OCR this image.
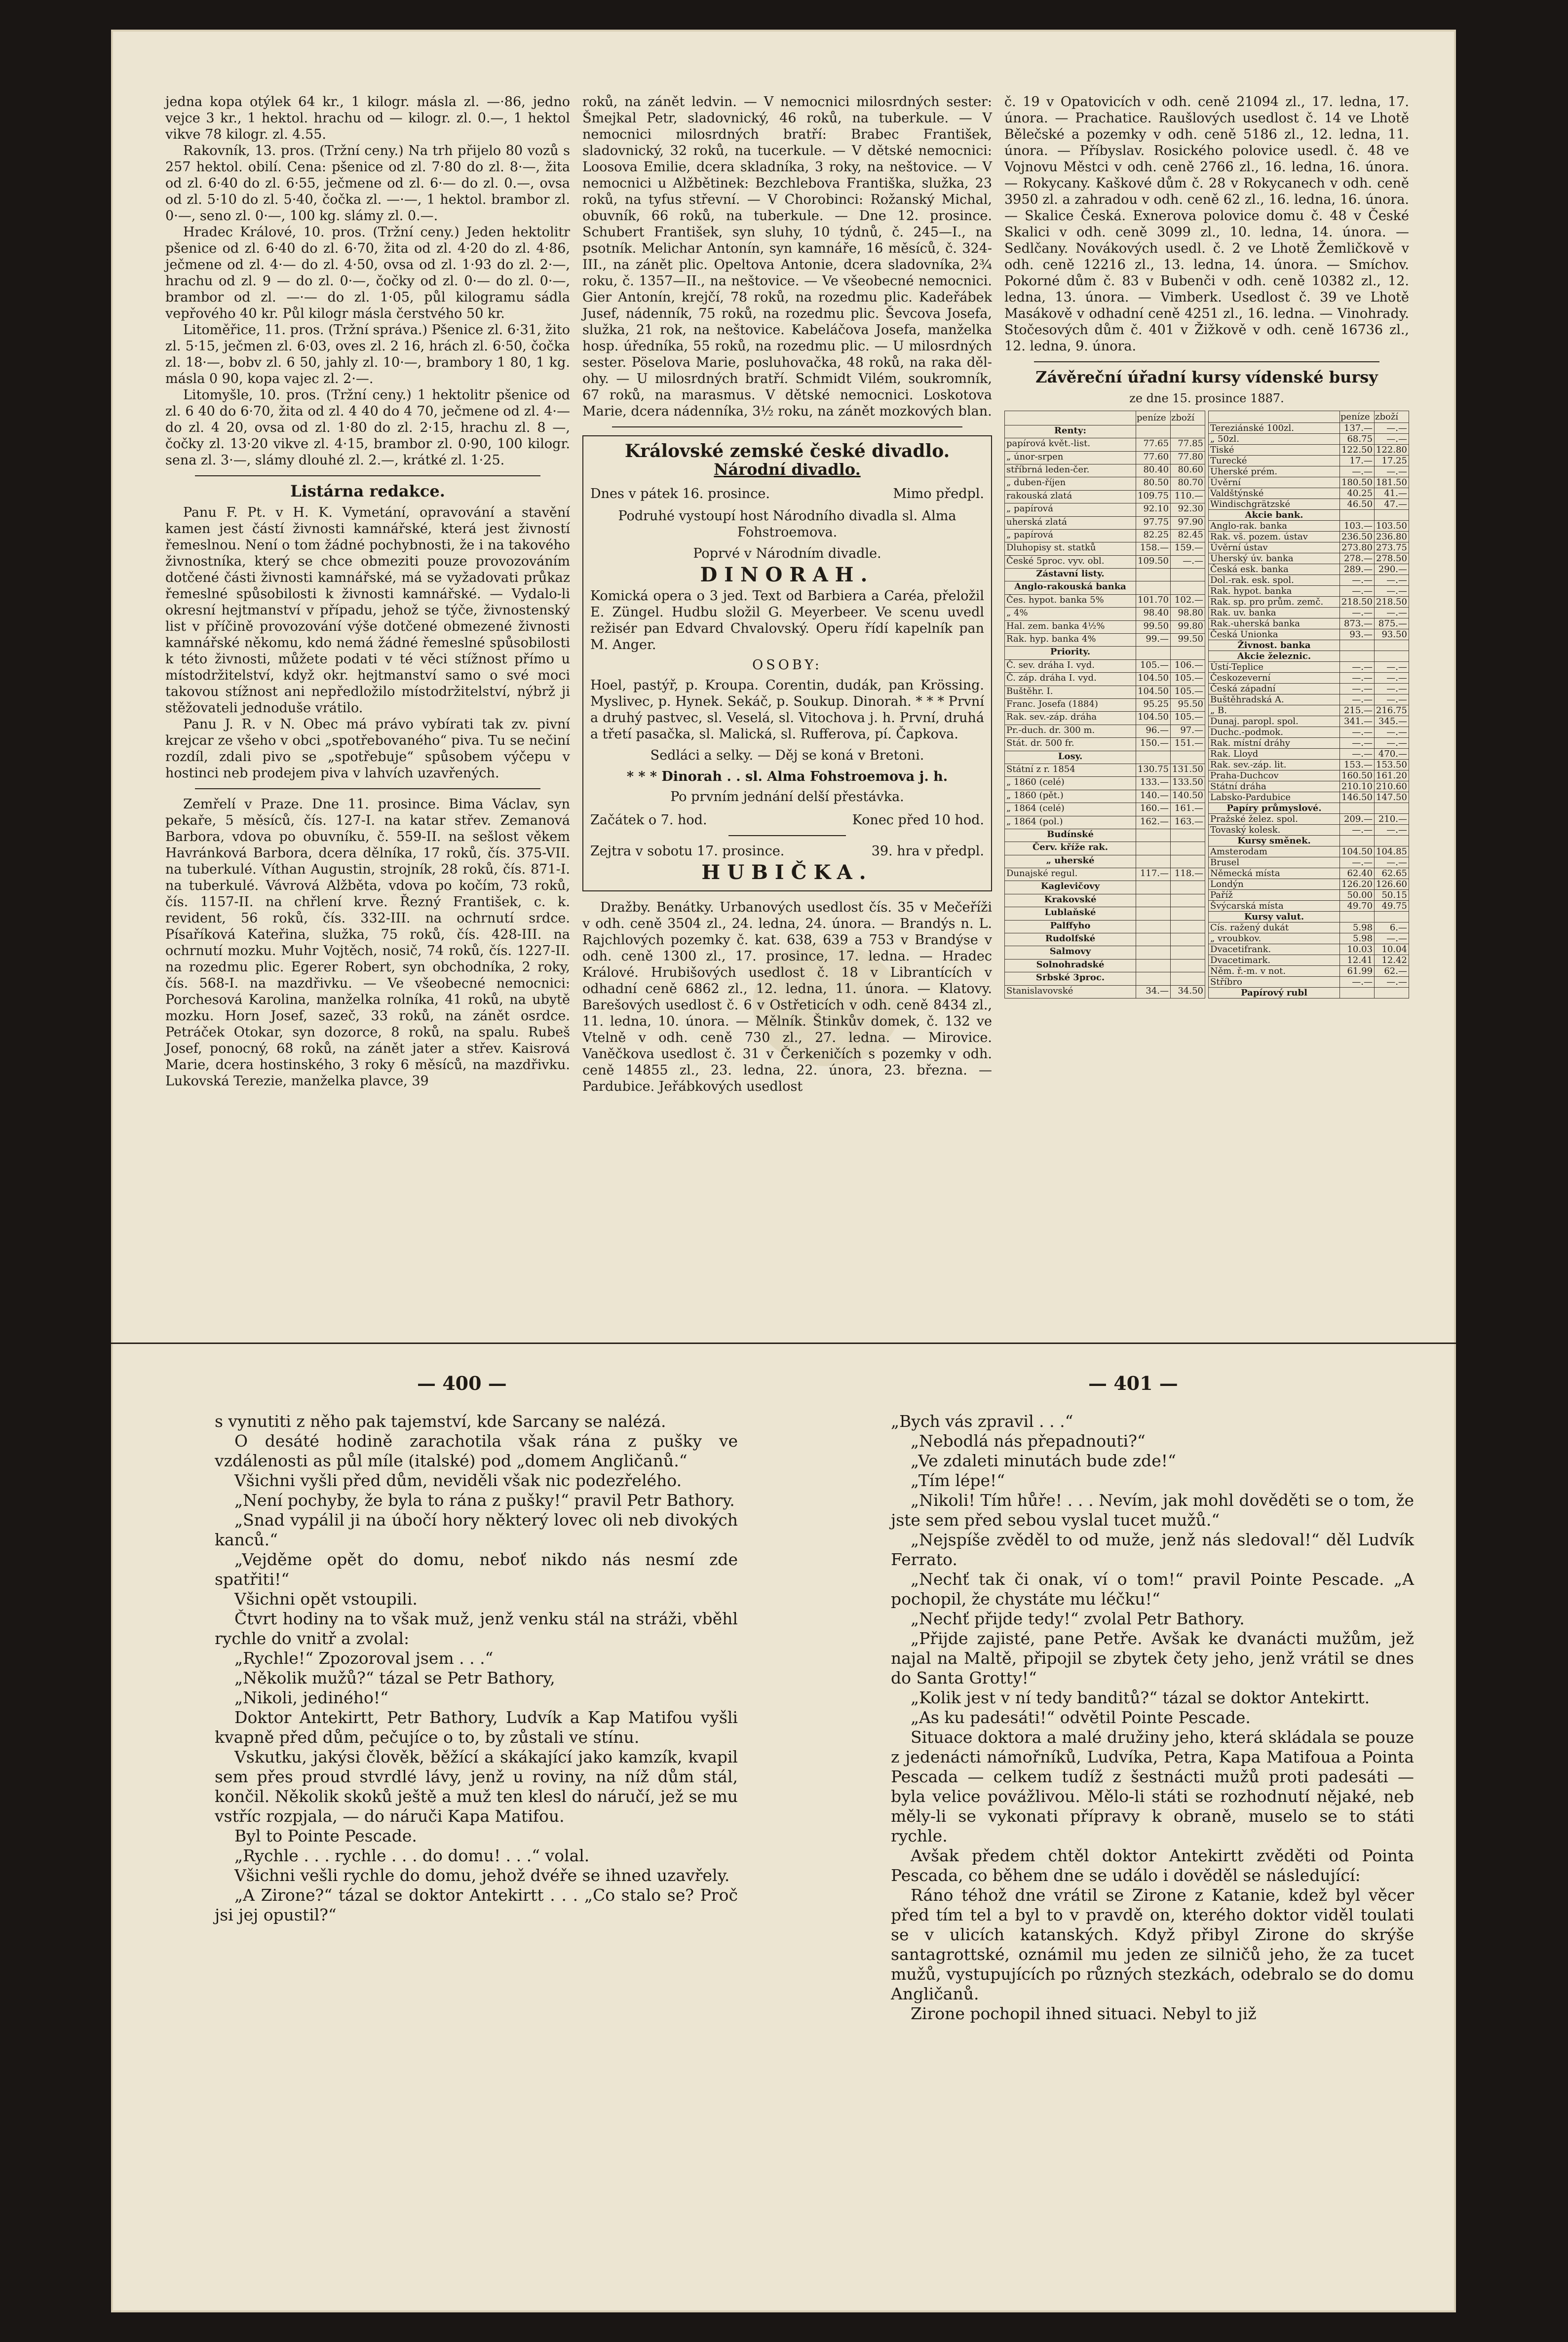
jedna kopa otýlek 64 kr., 1 kilogr. másla zl. —·86, jedno vejce 3 kr., 1 hektol. hrachu od — kilogr. zl. 0.—, 1 hektol vikve 78 kilogr. zl. 4.55.

Rakovník, 13. pros. (Tržní ceny.) Na trh přijelo 80 vozů s 257 hektol. obilí. Cena: pšenice od zl. 7·80 do zl. 8·—, žita od zl. 6·40 do zl. 6·55, ječmene od zl. 6·— do zl. 0.—, ovsa od zl. 5·10 do zl. 5·40, čočka zl. —·—, 1 hektol. brambor zl. 0·—, seno zl. 0·—, 100 kg. slámy zl. 0.—.

Hradec Králové, 10. pros. (Tržní ceny.) Jeden hektolitr pšenice od zl. 6·40 do zl. 6·70, žita od zl. 4·20 do zl. 4·86, ječmene od zl. 4·— do zl. 4·50, ovsa od zl. 1·93 do zl. 2·—, hrachu od zl. 9 — do zl. 0·—, čočky od zl. 0·— do zl. 0·—, brambor od zl. —·— do zl. 1·05, půl kilogramu sádla vepřového 40 kr. Půl kilogr másla čerstvého 50 kr.

Litoměřice, 11. pros. (Tržní správa.) Pšenice zl. 6·31, žito zl. 5·15, ječmen zl. 6·03, oves zl. 2 16, hrách zl. 6·50, čočka zl. 18·—, bobv zl. 6 50, jahly zl. 10·—, brambory 1 80, 1 kg. másla 0 90, kopa vajec zl. 2·—.

Litomyšle, 10. pros. (Tržní ceny.) 1 hektolitr pšenice od zl. 6 40 do 6·70, žita od zl. 4 40 do 4 70, ječmene od zl. 4·— do zl. 4 20, ovsa od zl. 1·80 do zl. 2·15, hrachu zl. 8 —, čočky zl. 13·20 vikve zl. 4·15, brambor zl. 0·90, 100 kilogr. sena zl. 3·—, slámy dlouhé zl. 2.—, krátké zl. 1·25.

Listárna redakce.

Panu F. Pt. v H. K. Vymetání, opravování a stavění kamen jest částí živnosti kamnářské, která jest živností řemeslnou. Není o tom žádné pochybnosti, že i na takového živnostníka, který se chce obmeziti pouze provozováním dotčené části živnosti kamnářské, má se vyžadovati průkaz řemeslné spůsobilosti k živnosti kamnářské. — Vydalo-li okresní hejtmanství v případu, jehož se týče, živnostenský list v příčině provozování výše dotčené obmezené živnosti kamnářské někomu, kdo nemá žádné řemeslné spůsobilosti k této živnosti, můžete podati v té věci stížnost přímo u místodržitelství, když okr. hejtmanství samo o své moci takovou stížnost ani nepředložilo místodržitelství, nýbrž ji stěžovateli jednoduše vrátilo.

Panu J. R. v N. Obec má právo vybírati tak zv. pivní krejcar ze všeho v obci „spotřebovaného“ piva. Tu se nečiní rozdíl, zdali pivo se „spotřebuje“ spůsobem výčepu v hostinci neb prodejem piva v lahvích uzavřených.

Zemřelí v Praze. Dne 11. prosince. Bima Václav, syn pekaře, 5 měsíců, čís. 127-I. na katar střev. Zemanová Barbora, vdova po obuvníku, č. 559-II. na sešlost věkem Havránková Barbora, dcera dělníka, 17 roků, čís. 375-VII. na tuberkulé. Víthan Augustin, strojník, 28 roků, čís. 871-I. na tuberkulé. Vávrová Alžběta, vdova po kočím, 73 roků, čís. 1157-II. na chřlení krve. Řezný František, c. k. revident, 56 roků, čís. 332-III. na ochrnutí srdce. Písaříková Kateřina, služka, 75 roků, čís. 428-III. na ochrnutí mozku. Muhr Vojtěch, nosič, 74 roků, čís. 1227-II. na rozedmu plic. Egerer Robert, syn obchodníka, 2 roky, čís. 568-I. na mazdřivku. — Ve všeobecné nemocnici: Porchesová Karolina, manželka rolníka, 41 roků, na ubytě mozku. Horn Josef, sazeč, 33 roků, na zánět osrdce. Petráček Otokar, syn dozorce, 8 roků, na spalu. Rubeš Josef, ponocný, 68 roků, na zánět jater a střev. Kaisrová Marie, dcera hostinského, 3 roky 6 měsíců, na mazdřivku. Lukovská Terezie, manželka plavce, 39

roků, na zánět ledvin. — V nemocnici milosrdných sester: Šmejkal Petr, sladovnický, 46 roků, na tuberkule. — V nemocnici milosrdných bratří: Brabec František, sladovnický, 32 roků, na tucerkule. — V dětské nemocnici: Loosova Emilie, dcera skladníka, 3 roky, na neštovice. — V nemocnici u Alžbětinek: Bezchlebova Františka, služka, 23 roků, na tyfus střevní. — V Chorobinci: Rožanský Michal, obuvník, 66 roků, na tuberkule. — Dne 12. prosince. Schubert František, syn sluhy, 10 týdnů, č. 245—I., na psotník. Melichar Antonín, syn kamnáře, 16 měsíců, č. 324-III., na zánět plic. Opeltova Antonie, dcera sladovníka, 2¾ roku, č. 1357—II., na neštovice. — Ve všeobecné nemocnici. Gier Antonín, krejčí, 78 roků, na rozedmu plic. Kadeřábek Jusef, nádenník, 75 roků, na rozedmu plic. Ševcova Josefa, služka, 21 rok, na neštovice. Kabeláčova Josefa, manželka hosp. úředníka, 55 roků, na rozedmu plic. — U milosrdných sester. Pöselova Marie, posluhovačka, 48 roků, na raka dělohy. — U milosrdných bratří. Schmidt Vilém, soukromník, 67 roků, na marasmus. V dětské nemocnici. Loskotova Marie, dcera nádenníka, 3½ roku, na zánět mozkových blan.

Královské zemské české divadlo.
Národní divadlo.
Dnes v pátek 16. prosince.	Mimo předpl.

Podruhé vystoupí host Národního divadla sl. Alma Fohstroemova.

Poprvé v Národním divadle.

DINORAH.

Komická opera o 3 jed. Text od Barbiera a Caréa, přeložil E. Züngel. Hudbu složil G. Meyerbeer. Ve scenu uvedl režisér pan Edvard Chvalovský. Operu řídí kapelník pan M. Anger.

OSOBY:

Hoel, pastýř, p. Kroupa. Corentin, dudák, pan Krössing. Myslivec, p. Hynek. Sekáč, p. Soukup. Dinorah. * * * První a druhý pastvec, sl. Veselá, sl. Vitochova j. h. První, druhá a třetí pasačka, sl. Malická, sl. Rufferova, pí. Čapkova.

Sedláci a selky. — Děj se koná v Bretoni.

* * * Dinorah . . sl. Alma Fohstroemova j. h.

Po prvním jednání delší přestávka.

Začátek o 7. hod.	Konec před 10 hod.
Zejtra v sobotu 17. prosince.	39. hra v předpl.
HUBIČKA.

Dražby. Benátky. Urbanových usedlost čís. 35 v Mečeříži v odh. ceně 3504 zl., 24. ledna, 24. února. — Brandýs n. L. Rajchlových pozemky č. kat. 638, 639 a 753 v Brandýse v odh. ceně 1300 zl., 17. prosince, 17. ledna. — Hradec Králové. Hrubišových usedlost č. 18 v Librantících v odhadní ceně 6862 zl., 12. ledna, 11. února. — Klatovy. Barešových usedlost č. 6 v Ostřeticích v odh. ceně 8434 zl., 11. ledna, 10. února. — Mělník. Štinkův domek, č. 132 ve Vtelně v odh. ceně 730 zl., 27. ledna. — Mirovice. Vaněčkova usedlost č. 31 v Čerkeničích s pozemky v odh. ceně 14855 zl., 23. ledna, 22. února, 23. března. — Pardubice. Jeřábkových usedlost

č. 19 v Opatovicích v odh. ceně 21094 zl., 17. ledna, 17. února. — Prachatice. Raušlových usedlost č. 14 ve Lhotě Bělečské a pozemky v odh. ceně 5186 zl., 12. ledna, 11. února. — Příbyslav. Rosického polovice usedl. č. 48 ve Vojnovu Městci v odh. ceně 2766 zl., 16. ledna, 16. února. — Rokycany. Kaškové dům č. 28 v Rokycanech v odh. ceně 3950 zl. a zahradou v odh. ceně 62 zl., 16. ledna, 16. února. — Skalice Česká. Exnerova polovice domu č. 48 v České Skalici v odh. ceně 3099 zl., 10. ledna, 14. února. — Sedlčany. Novákových usedl. č. 2 ve Lhotě Žemličkově v odh. ceně 12216 zl., 13. ledna, 14. února. — Smíchov. Pokorné dům č. 83 v Bubenči v odh. ceně 10382 zl., 12. ledna, 13. února. — Vimberk. Usedlost č. 39 ve Lhotě Masákově v odhadní ceně 4251 zl., 16. ledna. — Vinohrady. Stočesových dům č. 401 v Žižkově v odh. ceně 16736 zl., 12. ledna, 9. února.

Závěreční úřadní kursy vídenské bursy
ze dne 15. prosince 1887.
	peníze	zboží
Renty:		
papírová květ.-list.	77.65	77.85
„ únor-srpen	77.60	77.80
stříbrná leden-čer.	80.40	80.60
„ duben-říjen	80.50	80.70
rakouská zlatá	109.75	110.—
„ papírová	92.10	92.30
uherská zlatá	97.75	97.90
„ papírová	82.25	82.45
Dluhopisy st. statků	158.—	159.—
České 5proc. vyv. obl.	109.50	—.—
Zástavní listy.		
Anglo-rakouská banka		
Čes. hypot. banka 5%	101.70	102.—
„ 4%	98.40	98.80
Hal. zem. banka 4½%	99.50	99.80
Rak. hyp. banka 4%	99.—	99.50
Priority.		
Č. sev. dráha I. vyd.	105.—	106.—
Č. záp. dráha I. vyd.	104.50	105.—
Buštěhr. I.	104.50	105.—
Franc. Josefa (1884)	95.25	95.50
Rak. sev.-záp. dráha	104.50	105.—
Pr.-duch. dr. 300 m.	96.—	97.—
Stát. dr. 500 fr.	150.—	151.—
Losy.		
Státní z r. 1854	130.75	131.50
„ 1860 (celé)	133.—	133.50
„ 1860 (pět.)	140.—	140.50
„ 1864 (celé)	160.—	161.—
„ 1864 (pol.)	162.—	163.—
Budínské		
Červ. kříže rak.		
„ uherské		
Dunajské regul.	117.—	118.—
Kaglevičovy		
Krakovské		
Lublaňské		
Palffyho		
Rudolfské		
Salmovy		
Solnohradské		
Srbské 3proc.		
Stanislavovské	34.—	34.50
	peníze	zboží
Tereziánské 100zl.	137.—	—.—
„ 50zl.	68.75	—.—
Tiské	122.50	122.80
Turecké	17.—	17.25
Uherské prém.	—.—	—.—
Úvěrní	180.50	181.50
Valdštýnské	40.25	41.—
Windischgrätzské	46.50	47.—
Akcie bank.		
Anglo-rak. banka	103.—	103.50
Rak. vš. pozem. ústav	236.50	236.80
Úvěrní ústav	273.80	273.75
Uherský úv. banka	278.—	278.50
Česká esk. banka	289.—	290.—
Dol.-rak. esk. spol.	—.—	—.—
Rak. hypot. banka	—.—	—.—
Rak. sp. pro prům. zemč.	218.50	218.50
Rak. uv. banka	—.—	—.—
Rak.-uherská banka	873.—	875.—
Česká Unionka	93.—	93.50
Živnost. banka		
Akcie železnic.		
Ústí-Teplice	—.—	—.—
Českozeverní	—.—	—.—
Česká západní	—.—	—.—
Buštěhradská A.	—.—	—.—
„ B.	215.—	216.75
Dunaj. paropl. spol.	341.—	345.—
Duchc.-podmok.	—.—	—.—
Rak. místní dráhy	—.—	—.—
Rak. Lloyd	—.—	470.—
Rak. sev.-záp. lit.	153.—	153.50
Praha-Duchcov	160.50	161.20
Státní dráha	210.10	210.60
Labsko-Pardubice	146.50	147.50
Papíry průmyslové.		
Pražské želez. spol.	209.—	210.—
Tovaský kolesk.	—.—	—.—
Kursy směnek.		
Amsterodam	104.50	104.85
Brusel	—.—	—.—
Německá místa	62.40	62.65
Londýn	126.20	126.60
Paříž	50.00	50.15
Švýcarská místa	49.70	49.75
Kursy valut.		
Cís. ražený dukát	5.98	6.—
„ vroubkov.	5.98	—.—
Dvacetifrank.	10.03	10.04
Dvacetimark.	12.41	12.42
Něm. ř.-m. v not.	61.99	62.—
Stříbro	—.—	—.—
Papírový rubl		
— 400 —	— 401 —

s vynutiti z něho pak tajemství, kde Sarcany se nalézá.

O desáté hodině zarachotila však rána z pušky ve vzdálenosti as půl míle (italské) pod „domem Angličanů.“

Všichni vyšli před dům, neviděli však nic podezřelého.

„Není pochyby, že byla to rána z pušky!“ pravil Petr Bathory.

„Snad vypálil ji na úbočí hory některý lovec oli neb divokých kanců.“

„Vejděme opět do domu, neboť nikdo nás nesmí zde spatřiti!“

Všichni opět vstoupili.

Čtvrt hodiny na to však muž, jenž venku stál na stráži, vběhl rychle do vnitř a zvolal:

„Rychle!“ Zpozoroval jsem . . .“

„Několik mužů?“ tázal se Petr Bathory,

„Nikoli, jediného!“

Doktor Antekirtt, Petr Bathory, Ludvík a Kap Matifou vyšli kvapně před dům, pečujíce o to, by zůstali ve stínu.

Vskutku, jakýsi člověk, běžící a skákající jako kamzík, kvapil sem přes proud stvrdlé lávy, jenž u roviny, na níž dům stál, končil. Několik skoků ještě a muž ten klesl do náručí, jež se mu vstříc rozpjala, — do náruči Kapa Matifou.

Byl to Pointe Pescade.

„Rychle . . . rychle . . . do domu! . . .“ volal.

Všichni vešli rychle do domu, jehož dvéře se ihned uzavřely.

„A Zirone?“ tázal se doktor Antekirtt . . . „Co stalo se? Proč jsi jej opustil?“

„Bych vás zpravil . . .“

„Nebodlá nás přepadnouti?“

„Ve zdaleti minutách bude zde!“

„Tím lépe!“

„Nikoli! Tím hůře! . . . Nevím, jak mohl dověděti se o tom, že jste sem před sebou vyslal tucet mužů.“

„Nejspíše zvěděl to od muže, jenž nás sledoval!“ děl Ludvík Ferrato.

„Nechť tak či onak, ví o tom!“ pravil Pointe Pescade. „A pochopil, že chystáte mu léčku!“

„Nechť přijde tedy!“ zvolal Petr Bathory.

„Přijde zajisté, pane Petře. Avšak ke dvanácti mužům, jež najal na Maltě, připojil se zbytek čety jeho, jenž vrátil se dnes do Santa Grotty!“

„Kolik jest v ní tedy banditů?“ tázal se doktor Antekirtt.

„As ku padesáti!“ odvětil Pointe Pescade.

Situace doktora a malé družiny jeho, která skládala se pouze z jedenácti námořníků, Ludvíka, Petra, Kapa Matifoua a Pointa Pescada — celkem tudíž z šestnácti mužů proti padesáti — byla velice povážlivou. Mělo-li státi se rozhodnutí nějaké, neb měly-li se vykonati přípravy k obraně, muselo se to státi rychle.

Avšak předem chtěl doktor Antekirtt zvěděti od Pointa Pescada, co během dne se událo i dověděl se následující:

Ráno téhož dne vrátil se Zirone z Katanie, kdež byl věcer před tím tel a byl to v pravdě on, kterého doktor viděl toulati se v ulicích katanských. Když přibyl Zirone do skrýše santagrottské, oznámil mu jeden ze silničů jeho, že za tucet mužů, vystupujících po různých stezkách, odebralo se do domu Angličanů.

Zirone pochopil ihned situaci. Nebyl to již
